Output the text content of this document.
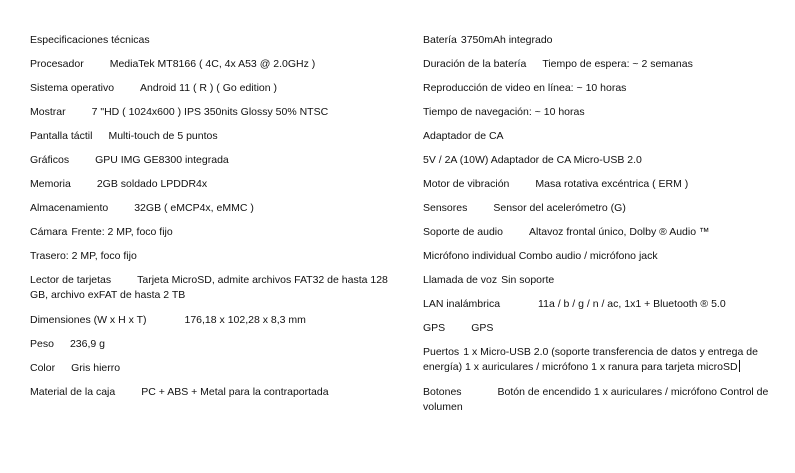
Especificaciones técnicas
Procesador MediaTek MT8166 ( 4C, 4x A53 @ 2.0GHz )
Sistema operativo Android 11 ( R ) ( Go edition )
Mostrar 7 "HD ( 1024x600 ) IPS 350nits Glossy 50% NTSC
Pantalla táctil Multi-touch de 5 puntos
Gráficos GPU IMG GE8300 integrada
Memoria 2GB soldado LPDDR4x
Almacenamiento 32GB ( eMCP4x, eMMC )
Cámara Frente: 2 MP, foco fijo
Trasero: 2 MP, foco fijo
Lector de tarjetas Tarjeta MicroSD, admite archivos FAT32 de hasta 128 GB, archivo exFAT de hasta 2 TB
Dimensiones (W x H x T)	176,18 x 102,28 x 8,3 mm
Peso 236,9 g
Color Gris hierro
Material de la caja PC + ABS + Metal para la contraportada
Batería 3750mAh integrado
Duración de la batería Tiempo de espera: ~ 2 semanas
Reproducción de video en línea: ~ 10 horas
Tiempo de navegación: ~ 10 horas
Adaptador de CA
5V / 2A (10W) Adaptador de CA Micro-USB 2.0
Motor de vibración Masa rotativa excéntrica ( ERM )
Sensores Sensor del acelerómetro (G)
Soporte de audio Altavoz frontal único, Dolby ® Audio ™
Micrófono individual Combo audio / micrófono jack
Llamada de voz Sin soporte
LAN inalámbrica	11a / b / g / n / ac, 1x1 + Bluetooth ® 5.0
GPS GPS
Puertos 1 x Micro-USB 2.0 (soporte transferencia de datos y entrega de energía) 1 x auriculares / micrófono 1 x ranura para tarjeta microSD
Botones	Botón de encendido 1 x auriculares / micrófono Control de volumen
